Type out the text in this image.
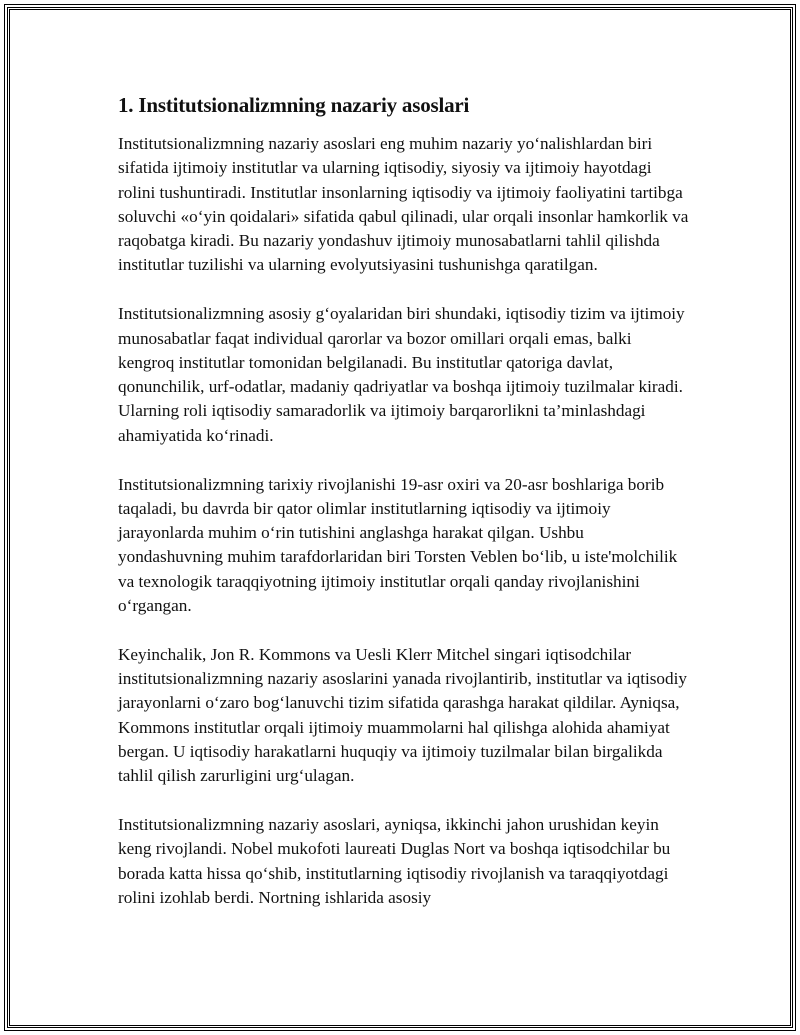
1. Institutsionalizmning nazariy asoslari

Institutsionalizmning nazariy asoslari eng muhim nazariy yo‘nalishlardan biri sifatida ijtimoiy institutlar va ularning iqtisodiy, siyosiy va ijtimoiy hayotdagi rolini tushuntiradi. Institutlar insonlarning iqtisodiy va ijtimoiy faoliyatini tartibga soluvchi «o‘yin qoidalari» sifatida qabul qilinadi, ular orqali insonlar hamkorlik va raqobatga kiradi. Bu nazariy yondashuv ijtimoiy munosabatlarni tahlil qilishda institutlar tuzilishi va ularning evolyutsiyasini tushunishga qaratilgan.

Institutsionalizmning asosiy g‘oyalaridan biri shundaki, iqtisodiy tizim va ijtimoiy munosabatlar faqat individual qarorlar va bozor omillari orqali emas, balki kengroq institutlar tomonidan belgilanadi. Bu institutlar qatoriga davlat, qonunchilik, urf-odatlar, madaniy qadriyatlar va boshqa ijtimoiy tuzilmalar kiradi. Ularning roli iqtisodiy samaradorlik va ijtimoiy barqarorlikni ta’minlashdagi ahamiyatida ko‘rinadi.

Institutsionalizmning tarixiy rivojlanishi 19-asr oxiri va 20-asr boshlariga borib taqaladi, bu davrda bir qator olimlar institutlarning iqtisodiy va ijtimoiy jarayonlarda muhim o‘rin tutishini anglashga harakat qilgan. Ushbu yondashuvning muhim tarafdorlaridan biri Torsten Veblen bo‘lib, u iste'molchilik va texnologik taraqqiyotning ijtimoiy institutlar orqali qanday rivojlanishini o‘rgangan.

Keyinchalik, Jon R. Kommons va Uesli Klerr Mitchel singari iqtisodchilar institutsionalizmning nazariy asoslarini yanada rivojlantirib, institutlar va iqtisodiy jarayonlarni o‘zaro bog‘lanuvchi tizim sifatida qarashga harakat qildilar. Ayniqsa, Kommons institutlar orqali ijtimoiy muammolarni hal qilishga alohida ahamiyat bergan. U iqtisodiy harakatlarni huquqiy va ijtimoiy tuzilmalar bilan birgalikda tahlil qilish zarurligini urg‘ulagan.

Institutsionalizmning nazariy asoslari, ayniqsa, ikkinchi jahon urushidan keyin keng rivojlandi. Nobel mukofoti laureati Duglas Nort va boshqa iqtisodchilar bu borada katta hissa qo‘shib, institutlarning iqtisodiy rivojlanish va taraqqiyotdagi rolini izohlab berdi. Nortning ishlarida asosiy
